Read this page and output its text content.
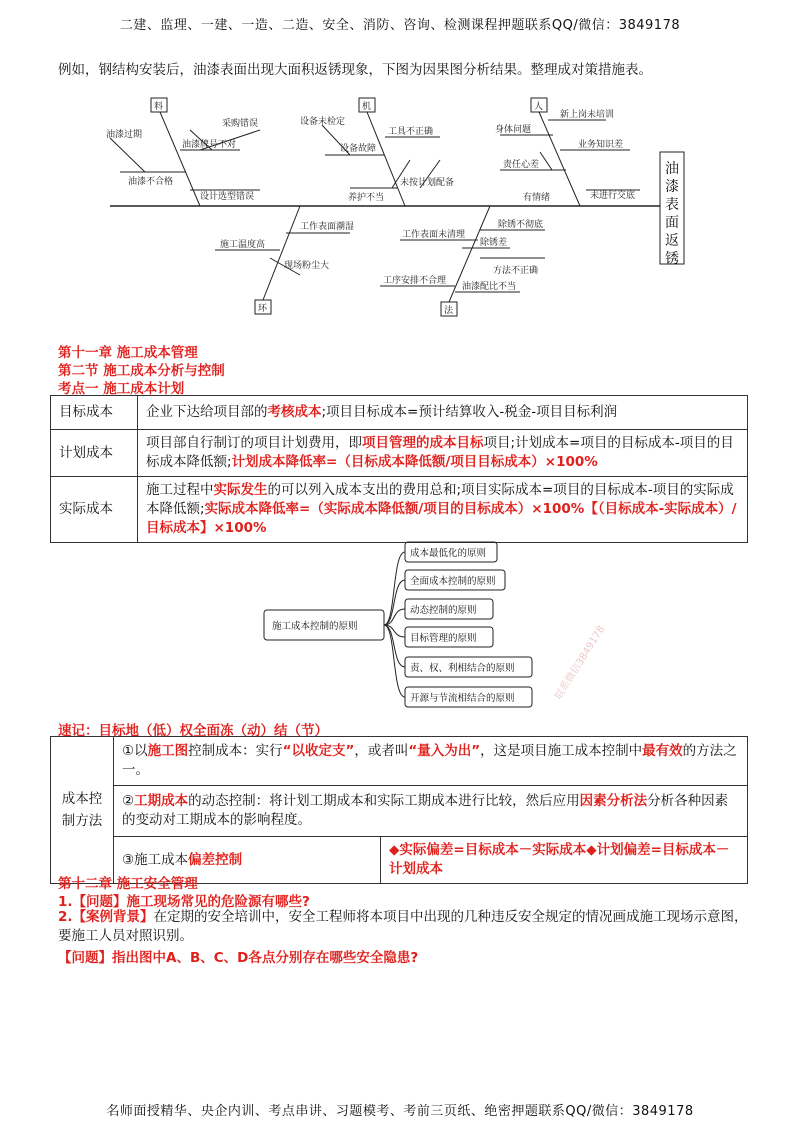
二建、监理、一建、一造、二造、安全、消防、咨询、检测课程押题联系QQ/微信：3849178
例如，钢结构安装后，油漆表面出现大面积返锈现象，下图为因果图分析结果。整理成对策措施表。
料	机	人
环	法
油漆过期
采购错误
油漆牌号不对
油漆不合格
设计选型错误
设备未检定
设备故障
工具不正确
养护不当
未按计划配备
新上岗未培训
身体问题
业务知识差
责任心差
有情绪	未进行交底
工作表面潮湿
施工温度高
现场粉尘大
除锈不彻底
工作表面未清理
除锈差
方法不正确
工序安排不合理
油漆配比不当
油
漆
表
面
返
锈
第十一章 施工成本管理
第二节 施工成本分析与控制
考点一 施工成本计划
目标成本	企业下达给项目部的考核成本;项目目标成本=预计结算收入-税金-项目目标利润
计划成本	项目部自行制订的项目计划费用，即项目管理的成本目标项目;计划成本=项目的目标成本-项目的目标成本降低额;计划成本降低率=（目标成本降低额/项目目标成本）×100%
实际成本	施工过程中实际发生的可以列入成本支出的费用总和;项目实际成本=项目的目标成本-项目的实际成本降低额;实际成本降低率=（实际成本降低额/项目的目标成本）×100%【（目标成本-实际成本）/目标成本】×100%
施工成本控制的原则
成本最低化的原则
全面成本控制的原则
动态控制的原则
目标管理的原则
责、权、利相结合的原则
开源与节流相结合的原则	联系微信3849178
速记：目标地（低）权全面冻（动）结（节）
成本控制方法	①以施工图控制成本：实行“以收定支”，或者叫“量入为出”，这是项目施工成本控制中最有效的方法之一。	
	②工期成本的动态控制：将计划工期成本和实际工期成本进行比较，然后应用因素分析法分析各种因素的变动对工期成本的影响程度。	
	③施工成本偏差控制	◆实际偏差=目标成本－实际成本◆计划偏差=目标成本－计划成本
第十二章 施工安全管理
1.【问题】施工现场常见的危险源有哪些?
2.【案例背景】在定期的安全培训中，安全工程师将本项目中出现的几种违反安全规定的情况画成施工现场示意图，要施工人员对照识别。
【问题】指出图中A、B、C、D各点分别存在哪些安全隐患?
名师面授精华、央企内训、考点串讲、习题模考、考前三页纸、绝密押题联系QQ/微信：3849178
